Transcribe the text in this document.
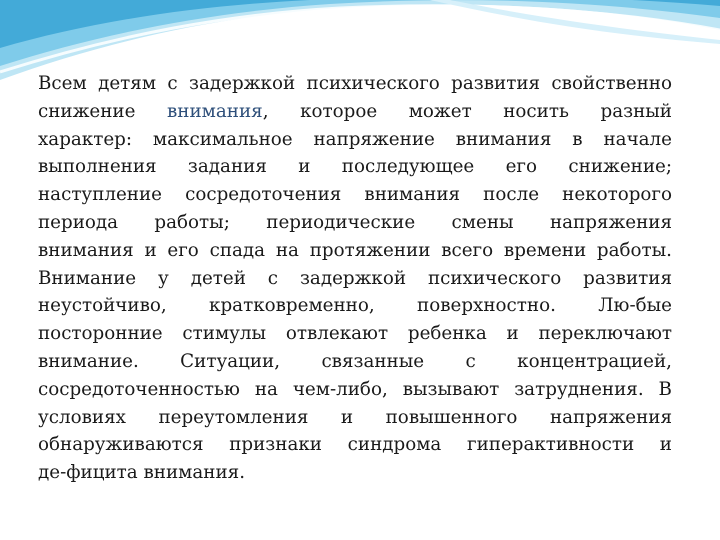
Всем детям с задержкой психического развития свойственно
снижение внимания, которое может носить разный
характер: максимальное напряжение внимания в начале
выполнения задания и последующее его снижение;
наступление сосредоточения внимания после некоторого
периода работы; периодические смены напряжения
внимания и его спада на протяжении всего времени работы.
Внимание у детей с задержкой психического развития
неустойчиво, кратковременно, поверхностно. Лю-бые
посторонние стимулы отвлекают ребенка и переключают
внимание. Ситуации, связанные с концентрацией,
сосредоточенностью на чем-либо, вызывают затруднения. В
условиях переутомления и повышенного напряжения
обнаруживаются признаки синдрома гиперактивности и
де-фицита внимания.
